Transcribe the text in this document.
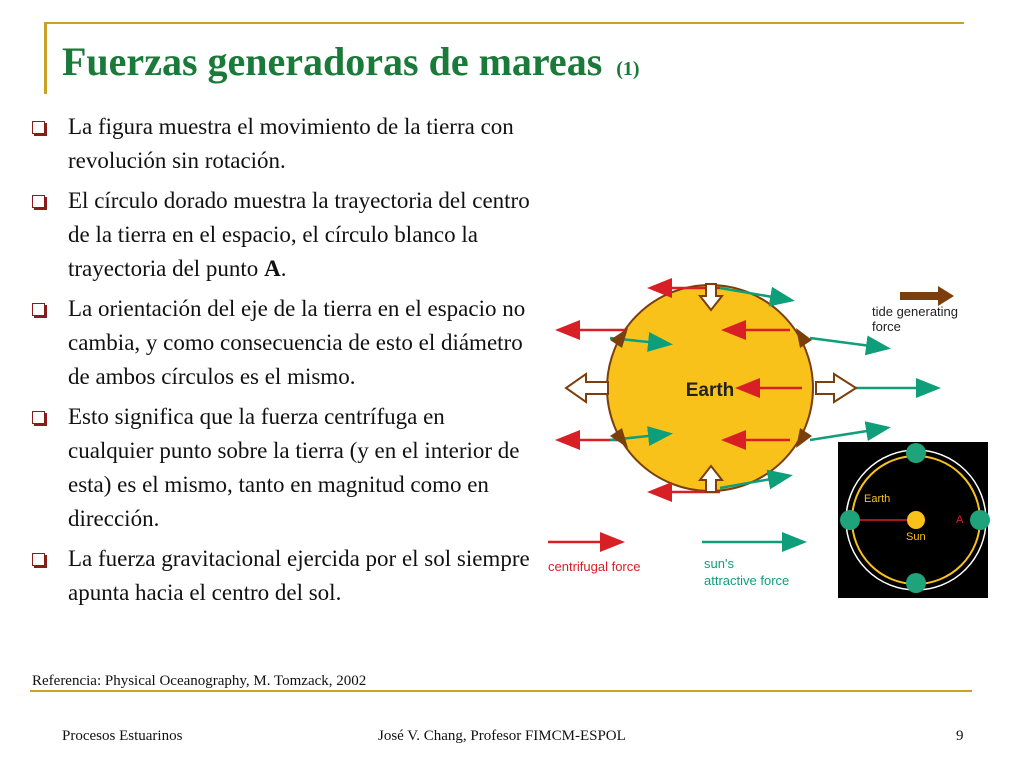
Fuerzas generadoras de mareas (1)
La figura muestra el movimiento de la tierra con revolución sin rotación.
El círculo dorado muestra la trayectoria del centro de la tierra en el espacio, el círculo blanco la trayectoria del punto A.
La orientación del eje de la tierra en el espacio no cambia, y como consecuencia de esto el diámetro de ambos círculos es el mismo.
Esto significa que la fuerza centrífuga en cualquier punto sobre la tierra (y en el interior de esta) es el mismo, tanto en magnitud como en dirección.
La fuerza gravitacional ejercida por el sol siempre apunta hacia el centro del sol.
Earth
tide generating
force
centrifugal force	sun's
attractive force
Earth
Sun
A
Referencia: Physical Oceanography, M. Tomzack, 2002
Procesos Estuarinos	José V. Chang, Profesor FIMCM-ESPOL	9
